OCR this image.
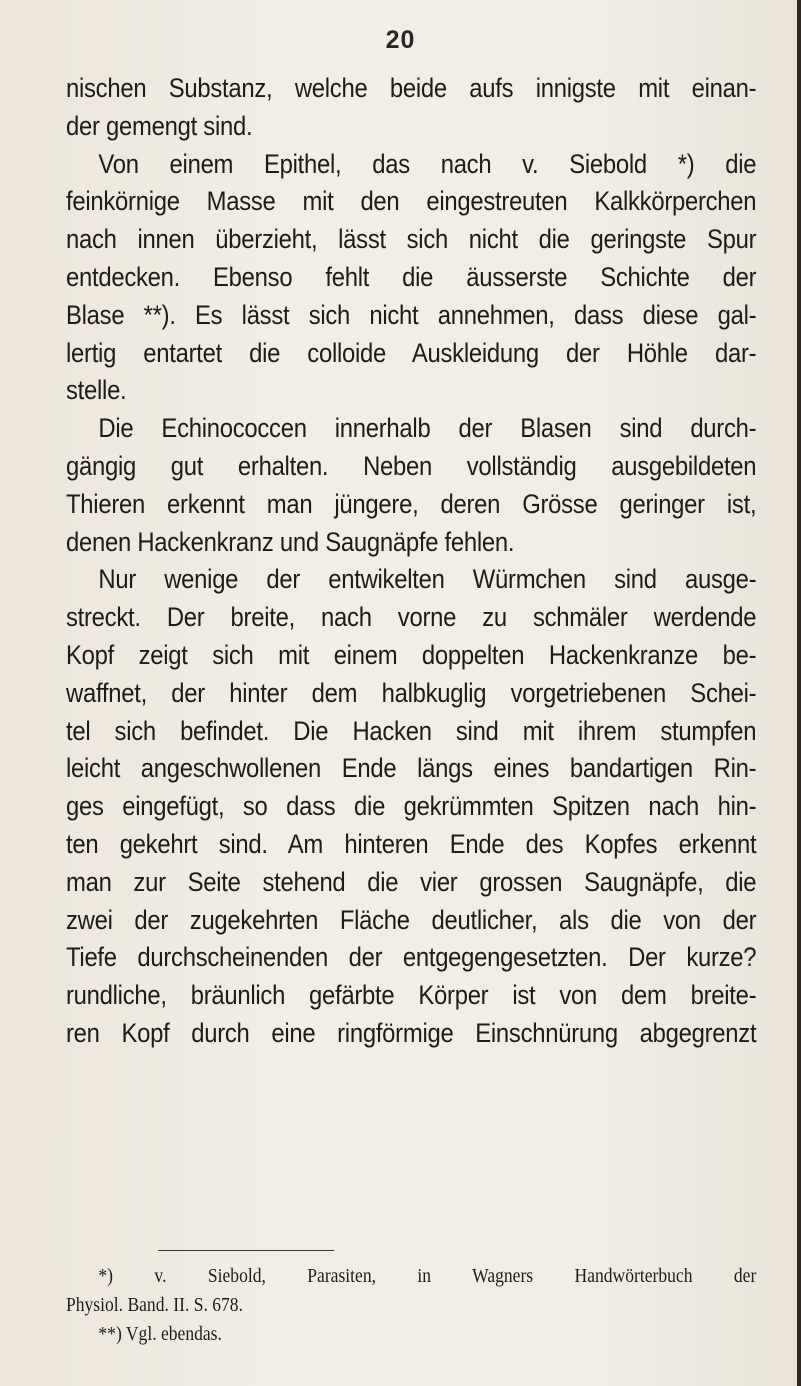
20
nischen Substanz, welche beide aufs innigste mit einan-
der gemengt sind.
Von einem Epithel, das nach v. Siebold *) die
feinkörnige Masse mit den eingestreuten Kalkkörperchen
nach innen überzieht, lässt sich nicht die geringste Spur
entdecken. Ebenso fehlt die äusserste Schichte der
Blase **). Es lässt sich nicht annehmen, dass diese gal-
lertig entartet die colloide Auskleidung der Höhle dar-
stelle.
Die Echinococcen innerhalb der Blasen sind durch-
gängig gut erhalten. Neben vollständig ausgebildeten
Thieren erkennt man jüngere, deren Grösse geringer ist,
denen Hackenkranz und Saugnäpfe fehlen.
Nur wenige der entwikelten Würmchen sind ausge-
streckt. Der breite, nach vorne zu schmäler werdende
Kopf zeigt sich mit einem doppelten Hackenkranze be-
waffnet, der hinter dem halbkuglig vorgetriebenen Schei-
tel sich befindet. Die Hacken sind mit ihrem stumpfen
leicht angeschwollenen Ende längs eines bandartigen Rin-
ges eingefügt, so dass die gekrümmten Spitzen nach hin-
ten gekehrt sind. Am hinteren Ende des Kopfes erkennt
man zur Seite stehend die vier grossen Saugnäpfe, die
zwei der zugekehrten Fläche deutlicher, als die von der
Tiefe durchscheinenden der entgegengesetzten. Der kurze?
rundliche, bräunlich gefärbte Körper ist von dem breite-
ren Kopf durch eine ringförmige Einschnürung abgegrenzt
*) v. Siebold, Parasiten, in Wagners Handwörterbuch der
Physiol. Band. II. S. 678.
**) Vgl. ebendas.
